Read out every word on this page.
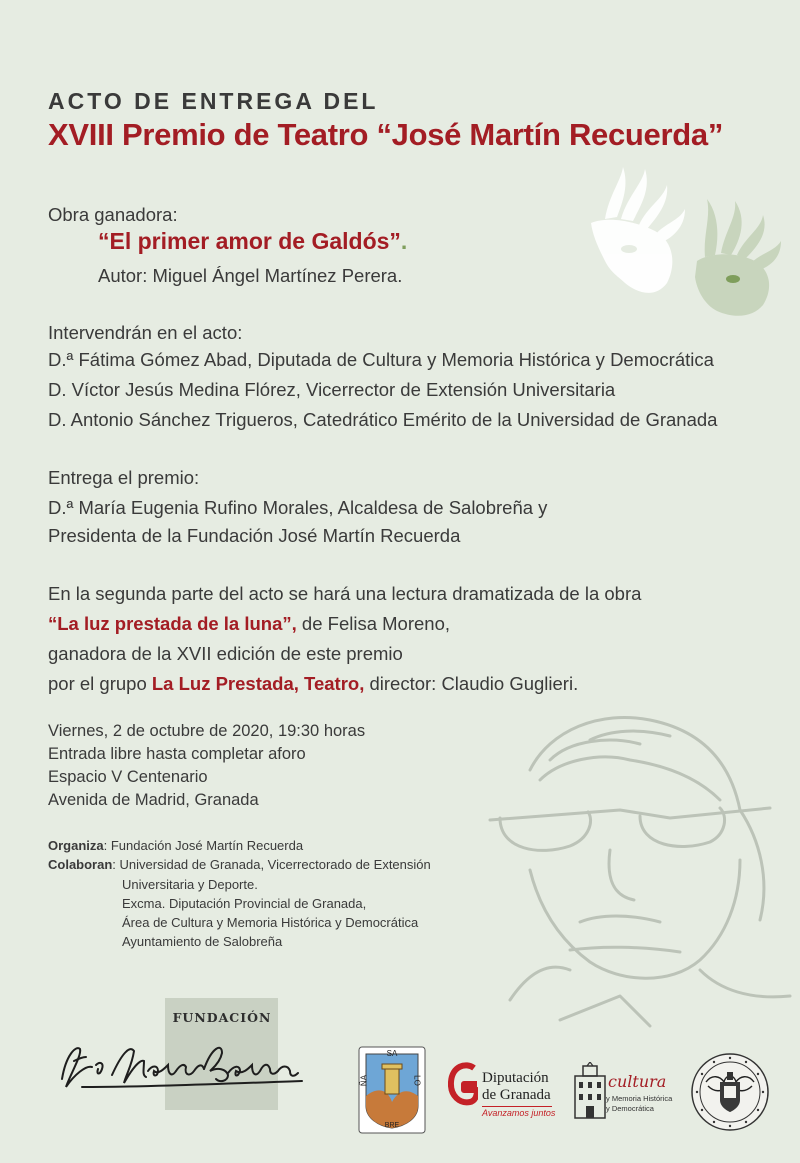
ACTO DE ENTREGA DEL
XVIII Premio de Teatro “José Martín Recuerda”
Obra ganadora:
“El primer amor de Galdós”.
Autor: Miguel Ángel Martínez Perera.
Intervendrán en el acto:
D.ª Fátima Gómez Abad, Diputada de Cultura y Memoria Histórica y Democrática
D. Víctor Jesús Medina Flórez, Vicerrector de Extensión Universitaria
D. Antonio Sánchez Trigueros, Catedrático Emérito de la Universidad de Granada
Entrega el premio:
D.ª María Eugenia Rufino Morales, Alcaldesa de Salobreña y
Presidenta de la Fundación José Martín Recuerda
En la segunda parte del acto se hará una lectura dramatizada de la obra
“La luz prestada de la luna”, de Felisa Moreno,
ganadora de la XVII edición de este premio
por el grupo La Luz Prestada, Teatro, director: Claudio Guglieri.
Viernes, 2 de octubre de 2020, 19:30 horas
Entrada libre hasta completar aforo
Espacio V Centenario
Avenida de Madrid, Granada
Organiza: Fundación José Martín Recuerda
Colaboran: Universidad de Granada, Vicerrectorado de Extensión
Universitaria y Deporte.
Excma. Diputación Provincial de Granada,
Área de Cultura y Memoria Histórica y Democrática
Ayuntamiento de Salobreña
FUNDACIÓN
SA
LO
BRE
ÑA	Diputación
de Granada
Avanzamos juntos
cultura
y Memoria Histórica
y Democrática
